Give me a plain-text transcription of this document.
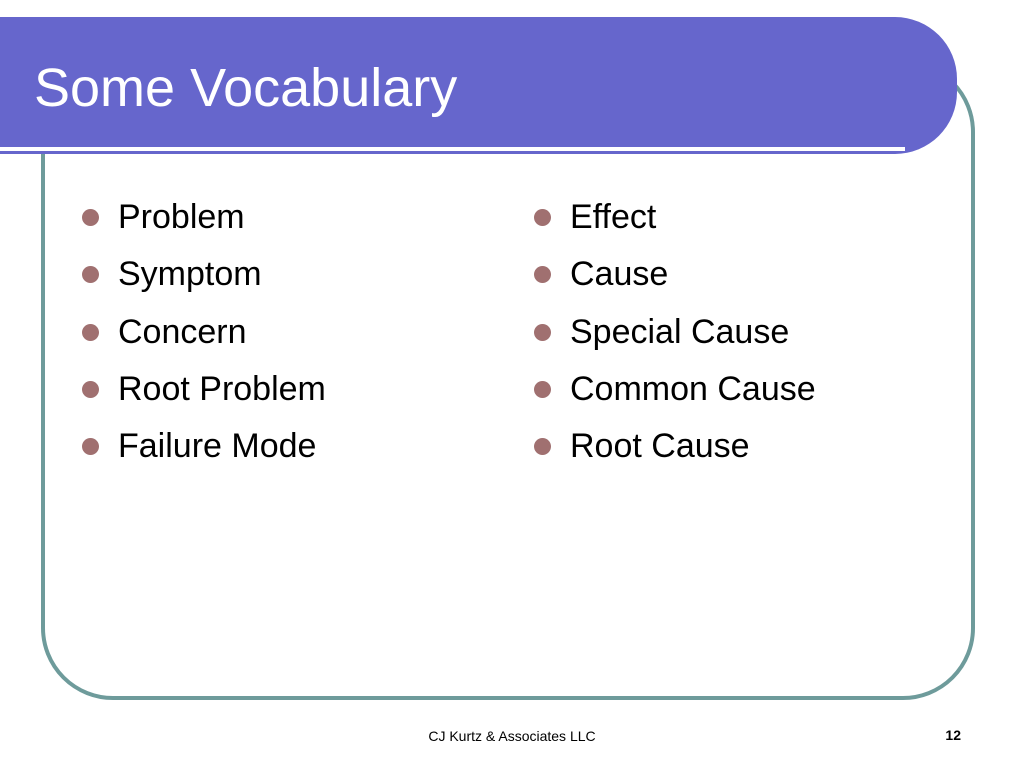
Some Vocabulary
Problem
Symptom
Concern
Root Problem
Failure Mode
Effect
Cause
Special Cause
Common Cause
Root Cause
CJ Kurtz & Associates LLC	12
